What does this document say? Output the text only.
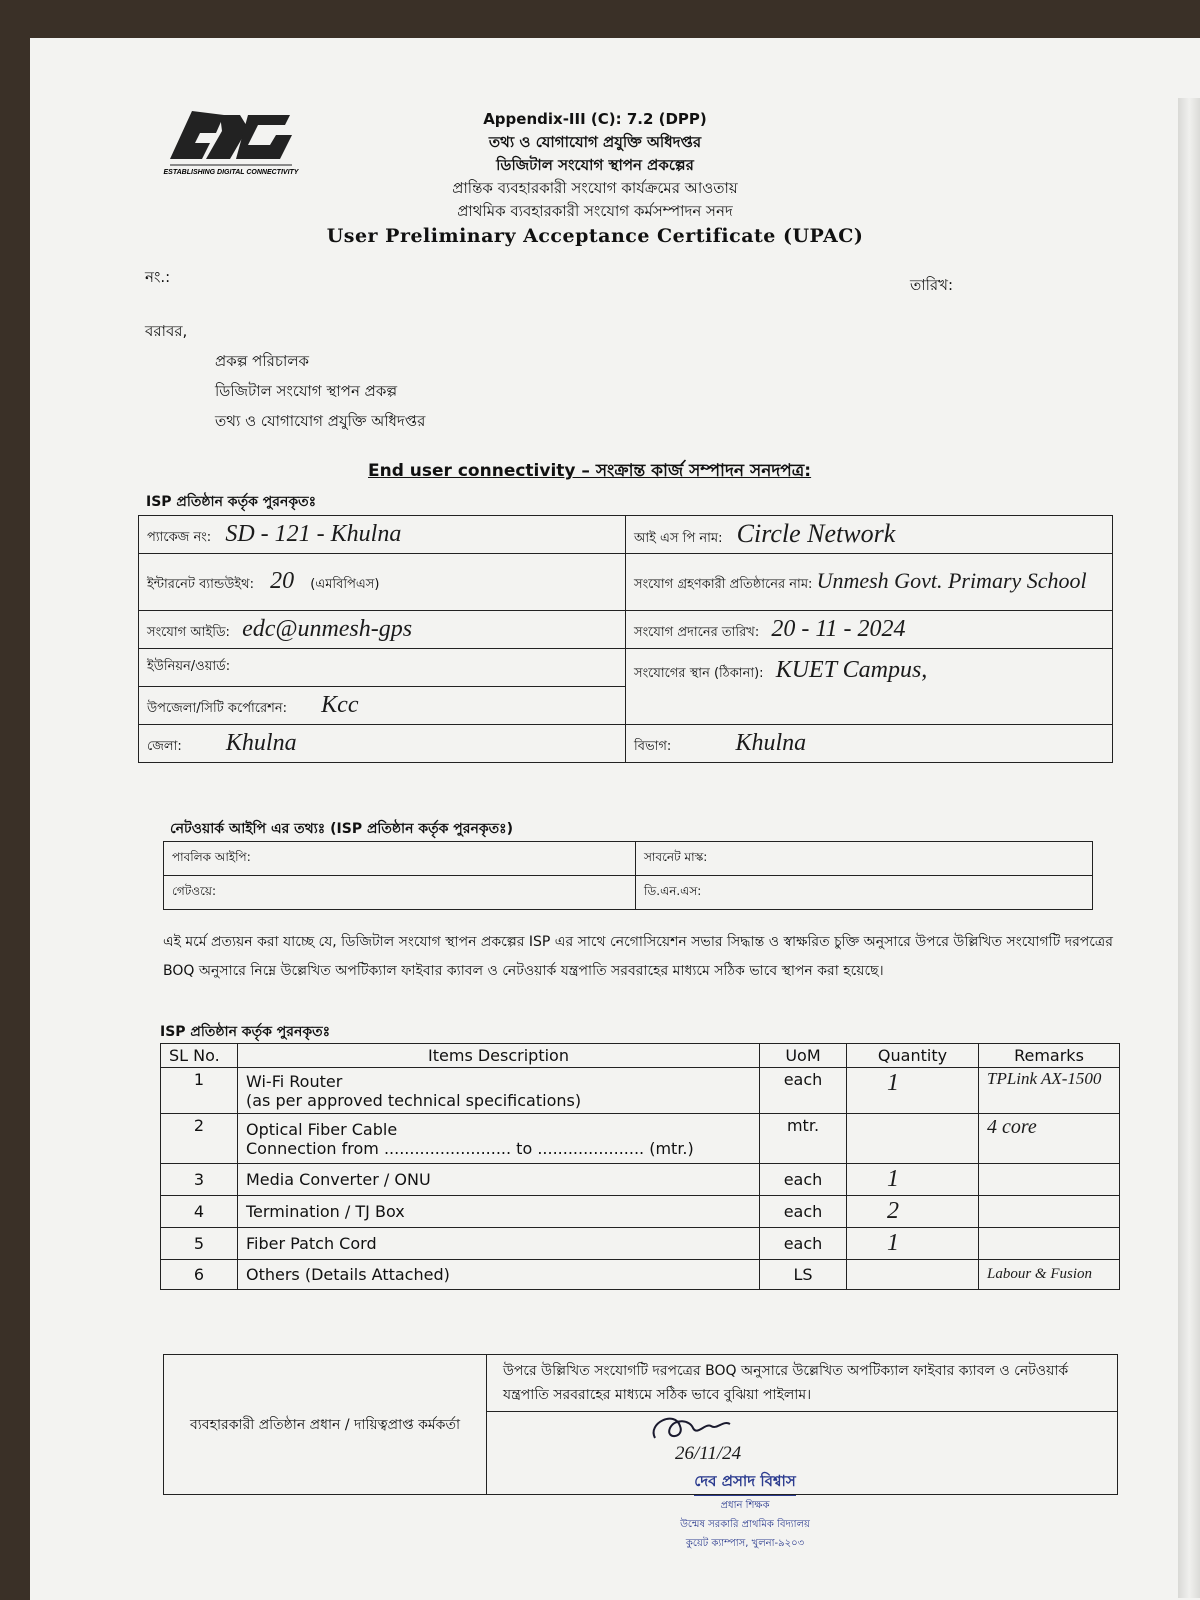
ESTABLISHING DIGITAL CONNECTIVITY
Appendix-III (C): 7.2 (DPP)
তথ্য ও যোগাযোগ প্রযুক্তি অধিদপ্তর
ডিজিটাল সংযোগ স্থাপন প্রকল্পের
প্রান্তিক ব্যবহারকারী সংযোগ কার্যক্রমের আওতায়
প্রাথমিক ব্যবহারকারী সংযোগ কর্মসম্পাদন সনদ
User Preliminary Acceptance Certificate (UPAC)
নং.:	তারিখ:
বরাবর,
প্রকল্প পরিচালক
ডিজিটাল সংযোগ স্থাপন প্রকল্প
তথ্য ও যোগাযোগ প্রযুক্তি অধিদপ্তর
End user connectivity – সংক্রান্ত কার্জ সম্পাদন সনদপত্র:
ISP প্রতিষ্ঠান কর্তৃক পুরনকৃতঃ
প্যাকেজ নং: SD - 121 - Khulna	আই এস পি নাম: Circle Network
ইন্টারনেট ব্যান্ডউইথ: 20 (এমবিপিএস)	সংযোগ গ্রহণকারী প্রতিষ্ঠানের নাম: Unmesh Govt. Primary School
সংযোগ আইডি: edc@unmesh-gps	সংযোগ প্রদানের তারিখ: 20 - 11 - 2024
ইউনিয়ন/ওয়ার্ড:	সংযোগের স্থান (ঠিকানা): KUET Campus,
উপজেলা/সিটি কর্পোরেশন: Kcc	
জেলা: Khulna	বিভাগ: Khulna
নেটওয়ার্ক আইপি এর তথ্যঃ (ISP প্রতিষ্ঠান কর্তৃক পুরনকৃতঃ)
পাবলিক আইপি:	সাবনেট মাস্ক:
গেটওয়ে:	ডি.এন.এস:
এই মর্মে প্রত্যয়ন করা যাচ্ছে যে, ডিজিটাল সংযোগ স্থাপন প্রকল্পের ISP এর সাথে নেগোসিয়েশন সভার সিদ্ধান্ত ও স্বাক্ষরিত চুক্তি অনুসারে উপরে উল্লিখিত সংযোগটি দরপত্রের BOQ অনুসারে নিম্নে উল্লেখিত অপটিক্যাল ফাইবার ক্যাবল ও নেটওয়ার্ক যন্ত্রপাতি সরবরাহের মাধ্যমে সঠিক ভাবে স্থাপন করা হয়েছে।
ISP প্রতিষ্ঠান কর্তৃক পুরনকৃতঃ
SL No.	Items Description	UoM	Quantity	Remarks
1	Wi-Fi Router
(as per approved technical specifications)	each	1	TPLink AX-1500
2	Optical Fiber Cable
Connection from ......................... to ..................... (mtr.)	mtr.		4 core
3	Media Converter / ONU	each	1	
4	Termination / TJ Box	each	2	
5	Fiber Patch Cord	each	1	
6	Others (Details Attached)	LS		Labour & Fusion
ব্যবহারকারী প্রতিষ্ঠান প্রধান / দায়িত্বপ্রাপ্ত কর্মকর্তা	উপরে উল্লিখিত সংযোগটি দরপত্রের BOQ অনুসারে উল্লেখিত অপটিক্যাল ফাইবার ক্যাবল ও নেটওয়ার্ক যন্ত্রপাতি সরবরাহের মাধ্যমে সঠিক ভাবে বুঝিয়া পাইলাম।

26/11/24
দেব প্রসাদ বিশ্বাস
প্রধান শিক্ষক
উন্মেষ সরকারি প্রাথমিক বিদ্যালয়
কুয়েট ক্যাম্পাস, খুলনা-৯২০৩
